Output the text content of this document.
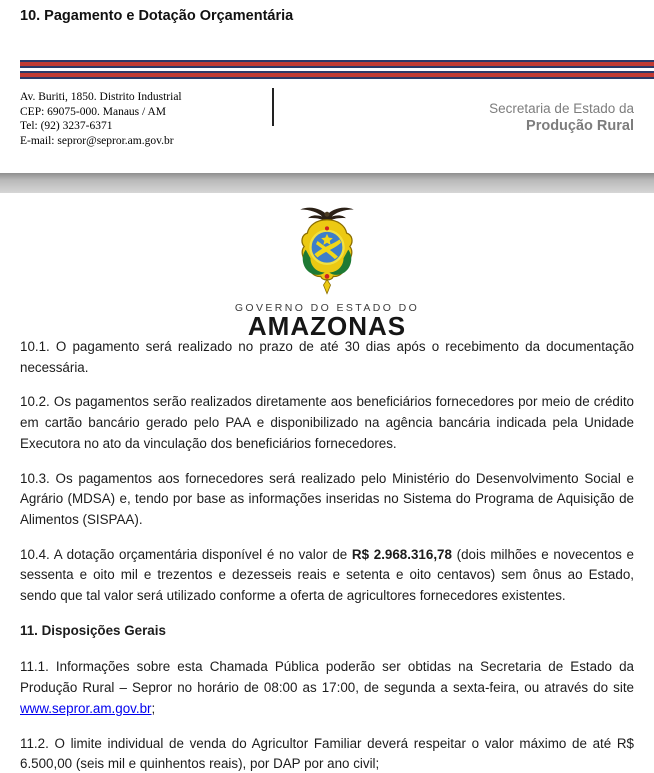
10. Pagamento e Dotação Orçamentária
Av. Buriti, 1850. Distrito Industrial
CEP: 69075-000. Manaus / AM
Tel: (92) 3237-6371
E-mail: sepror@sepror.am.gov.br
Secretaria de Estado da
Produção Rural
GOVERNO DO ESTADO DO
AMAZONAS

10.1. O pagamento será realizado no prazo de até 30 dias após o recebimento da documentação necessária.

10.2. Os pagamentos serão realizados diretamente aos beneficiários fornecedores por meio de crédito em cartão bancário gerado pelo PAA e disponibilizado na agência bancária indicada pela Unidade Executora no ato da vinculação dos beneficiários fornecedores.

10.3. Os pagamentos aos fornecedores será realizado pelo Ministério do Desenvolvimento Social e Agrário (MDSA) e, tendo por base as informações inseridas no Sistema do Programa de Aquisição de Alimentos (SISPAA).

10.4. A dotação orçamentária disponível é no valor de R$ 2.968.316,78 (dois milhões e novecentos e sessenta e oito mil e trezentos e dezesseis reais e setenta e oito centavos) sem ônus ao Estado, sendo que tal valor será utilizado conforme a oferta de agricultores fornecedores existentes.

11. Disposições Gerais

11.1. Informações sobre esta Chamada Pública poderão ser obtidas na Secretaria de Estado da Produção Rural – Sepror no horário de 08:00 as 17:00, de segunda a sexta-feira, ou através do site www.sepror.am.gov.br;

11.2. O limite individual de venda do Agricultor Familiar deverá respeitar o valor máximo de até R$ 6.500,00 (seis mil e quinhentos reais), por DAP por ano civil;
